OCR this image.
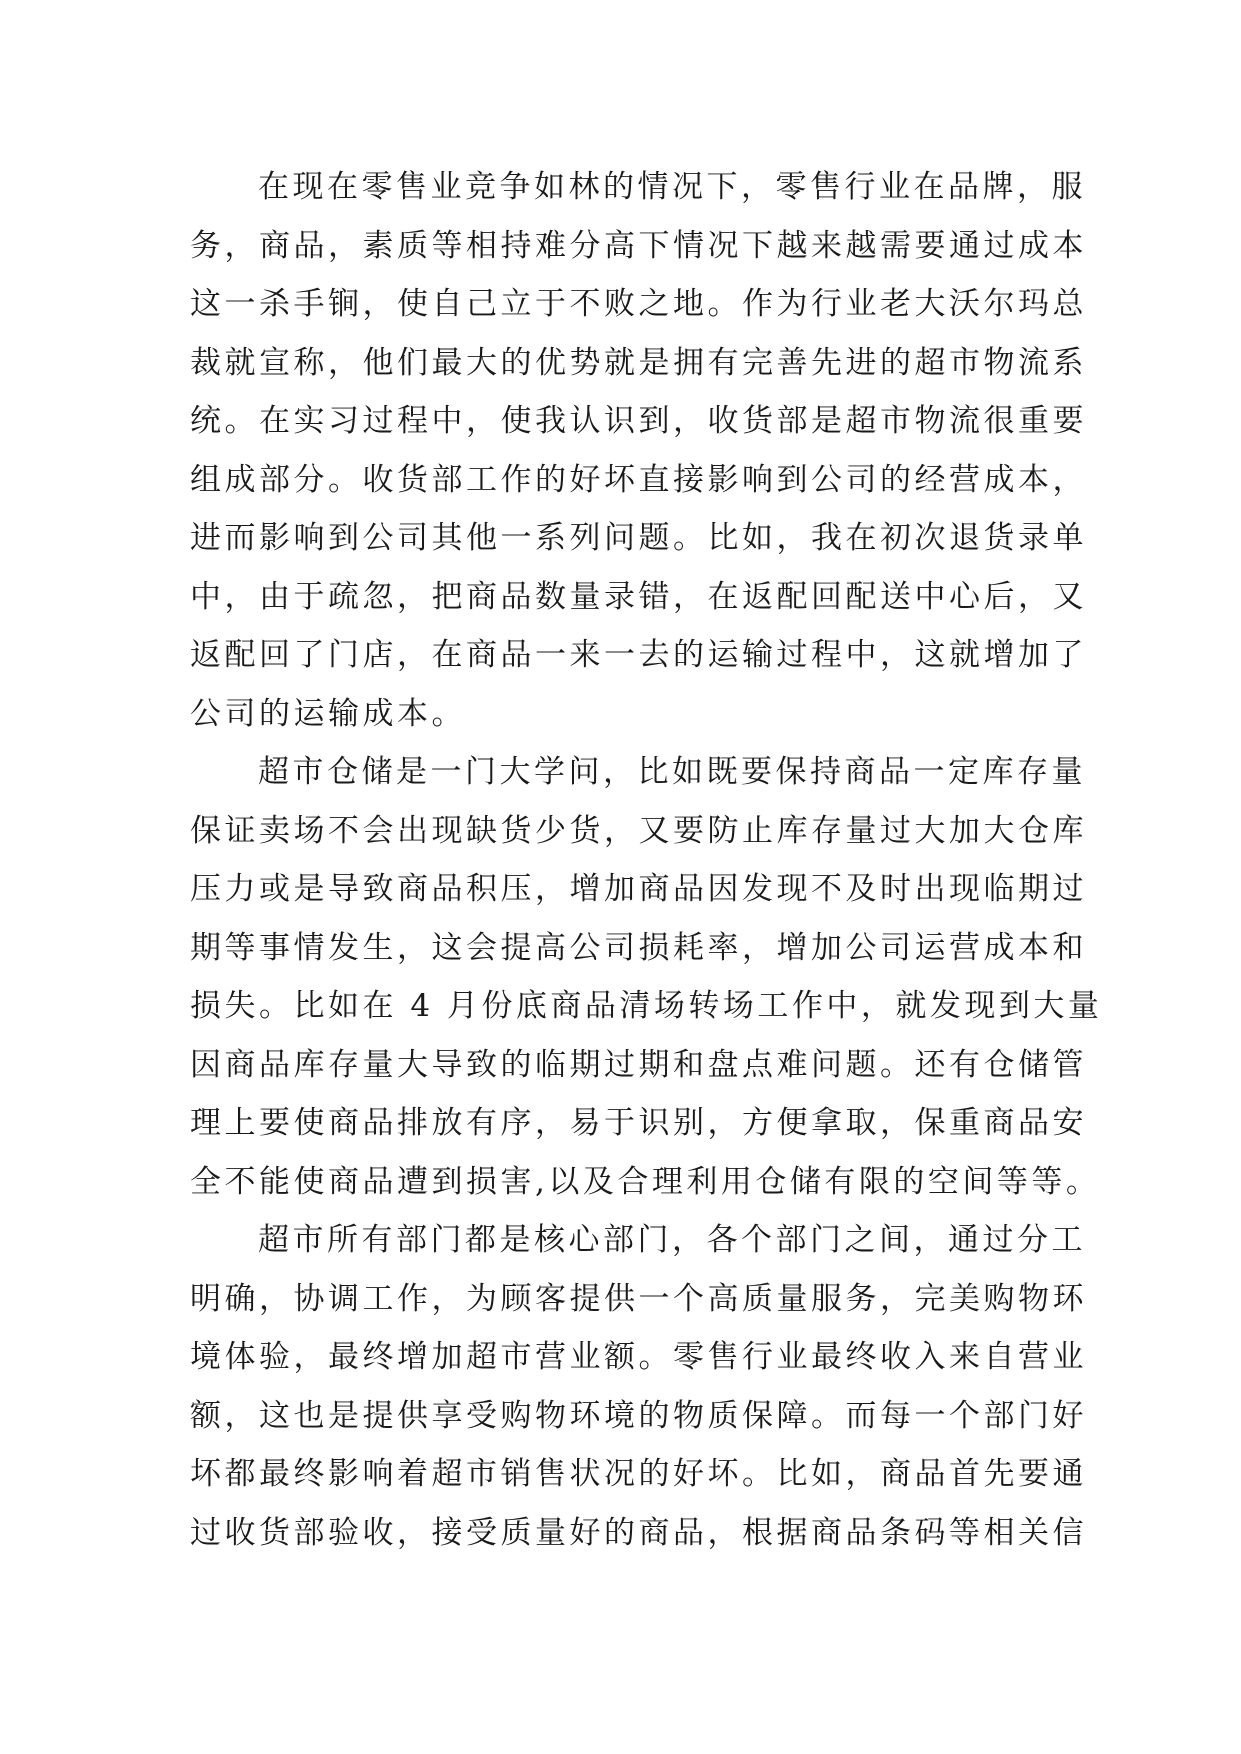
在现在零售业竞争如林的情况下，零售行业在品牌，服
务，商品，素质等相持难分高下情况下越来越需要通过成本
这一杀手锏，使自己立于不败之地。作为行业老大沃尔玛总
裁就宣称，他们最大的优势就是拥有完善先进的超市物流系
统。在实习过程中，使我认识到，收货部是超市物流很重要
组成部分。收货部工作的好坏直接影响到公司的经营成本，
进而影响到公司其他一系列问题。比如，我在初次退货录单
中，由于疏忽，把商品数量录错，在返配回配送中心后，又
返配回了门店，在商品一来一去的运输过程中，这就增加了
公司的运输成本。
超市仓储是一门大学问，比如既要保持商品一定库存量
保证卖场不会出现缺货少货，又要防止库存量过大加大仓库
压力或是导致商品积压，增加商品因发现不及时出现临期过
期等事情发生，这会提高公司损耗率，增加公司运营成本和
损失。比如在 4 月份底商品清场转场工作中，就发现到大量
因商品库存量大导致的临期过期和盘点难问题。还有仓储管
理上要使商品排放有序，易于识别，方便拿取，保重商品安
全不能使商品遭到损害,以及合理利用仓储有限的空间等等。
超市所有部门都是核心部门，各个部门之间，通过分工
明确，协调工作，为顾客提供一个高质量服务，完美购物环
境体验，最终增加超市营业额。零售行业最终收入来自营业
额，这也是提供享受购物环境的物质保障。而每一个部门好
坏都最终影响着超市销售状况的好坏。比如，商品首先要通
过收货部验收，接受质量好的商品，根据商品条码等相关信
